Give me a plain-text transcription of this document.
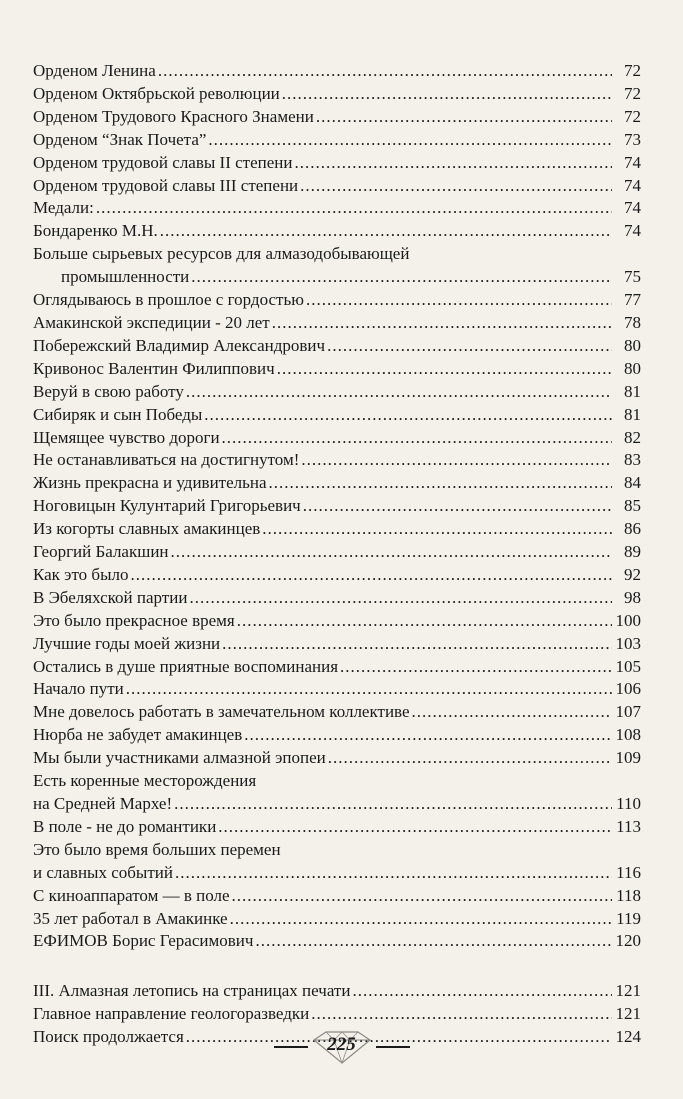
Орденом Ленина .....	72
Орденом Октябрьской революции .....	72
Орденом Трудового Красного Знамени .....	72
Орденом “Знак Почета” .....	73
Орденом трудовой славы II степени .....	74
Орденом трудовой славы III степени .....	74
Медали: .....	74
Бондаренко М.Н. .....	74
Больше сырьевых ресурсов для алмазодобывающей
промышленности .....	75
Оглядываюсь в прошлое с гордостью .....	77
Амакинской экспедиции - 20 лет .....	78
Побережский Владимир Александрович .....	80
Кривонос Валентин Филиппович .....	80
Веруй в свою работу .....	81
Сибиряк и сын Победы .....	81
Щемящее чувство дороги .....	82
Не останавливаться на достигнутом! .....	83
Жизнь прекрасна и удивительна .....	84
Ноговицын Кулунтарий Григорьевич .....	85
Из когорты славных амакинцев .....	86
Георгий Балакшин .....	89
Как это было .....	92
В Эбеляхской партии .....	98
Это было прекрасное время .....	100
Лучшие годы моей жизни .....	103
Остались в душе приятные воспоминания .....	105
Начало пути .....	106
Мне довелось работать в замечательном коллективе .....	107
Нюрба не забудет амакинцев .....	108
Мы были участниками алмазной эпопеи .....	109
Есть коренные месторождения
на Средней Мархе! .....	110
В поле - не до романтики .....	113
Это было время больших перемен
и славных событий .....	116
С киноаппаратом — в поле .....	118
35 лет работал в Амакинке .....	119
ЕФИМОВ Борис Герасимович .....	120
III. Алмазная летопись на страницах печати .....	121
Главное направление геологоразведки .....	121
Поиск продолжается .....	124
225
